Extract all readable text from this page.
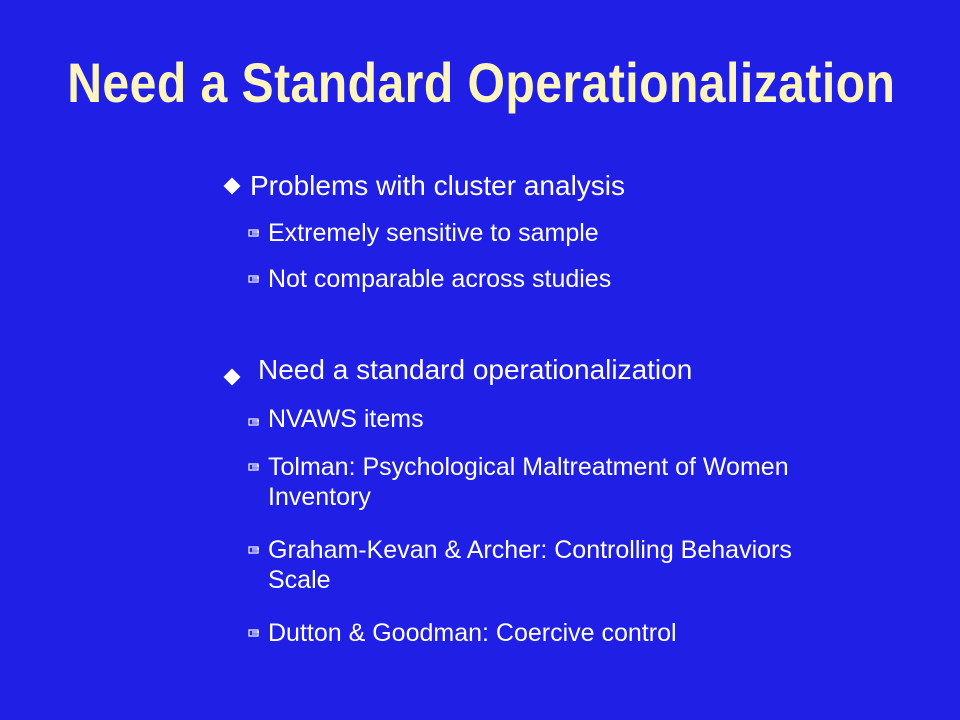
Need a Standard Operationalization
Problems with cluster analysis
Extremely sensitive to sample
Not comparable across studies
Need a standard operationalization
NVAWS items
Tolman: Psychological Maltreatment of Women Inventory
Graham-Kevan & Archer: Controlling Behaviors Scale
Dutton & Goodman: Coercive control
